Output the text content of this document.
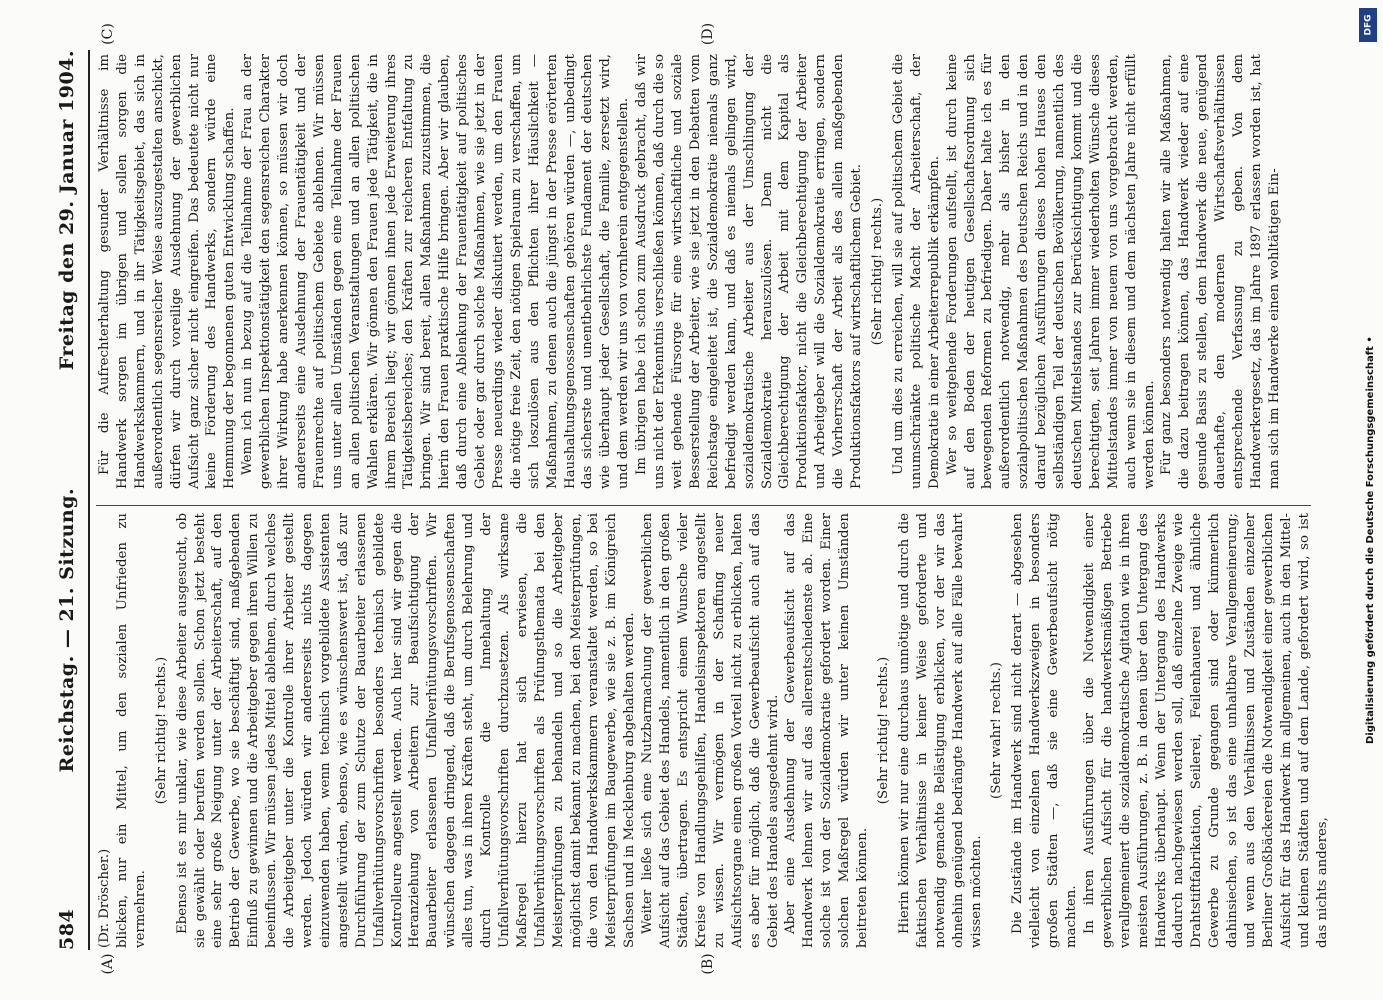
584
Reichstag. — 21. Sitzung.
Freitag den 29. Januar 1904.
(A)	(B)
(C)	(D)

(Dr. Dröscher.) blicken, nur ein Mittel, um den sozialen Unfrieden zu vermehren.

(Sehr richtig! rechts.) Ebenso ist es mir unklar, wie diese Arbeiter ausgesucht, ob sie gewählt oder berufen werden sollen. Schon jetzt besteht eine sehr große Neigung unter der Arbeiterschaft, auf den Betrieb der Gewerbe, wo sie beschäftigt sind, maßgebenden Einfluß zu gewinnen und die Arbeitgeber gegen ihren Willen zu beeinflussen. Wir müssen jedes Mittel ablehnen, durch welches die Arbeitgeber unter die Kontrolle ihrer Arbeiter gestellt werden. Jedoch würden wir andererseits nichts dagegen einzuwenden haben, wenn technisch vorgebildete Assistenten angestellt würden, ebenso, wie es wünschenswert ist, daß zur Durchführung der zum Schutze der Bauarbeiter erlassenen Unfallverhütungsvorschriften besonders technisch gebildete Kontrolleure angestellt werden. Auch hier sind wir gegen die Heranziehung von Arbeitern zur Beaufsichtigung der Bauarbeiter erlassenen Unfallverhütungsvorschriften. Wir wünschen dagegen dringend, daß die Berufsgenossenschaften alles tun, was in ihren Kräften steht, um durch Belehrung und durch Kontrolle die Innehaltung der Unfallverhütungsvorschriften durchzusetzen. Als wirksame Maßregel hierzu hat sich erwiesen, die Unfallverhütungsvorschriften als Prüfungsthemata bei den Meisterprüfungen zu behandeln und so die Arbeitgeber möglichst damit bekannt zu machen, bei den Meisterprüfungen, die von den Handwerkskammern veranstaltet werden, so bei Meisterprüfungen im Baugewerbe, wie sie z. B. im Königreich Sachsen und in Mecklenburg abgehalten werden. Weiter ließe sich eine Nutzbarmachung der gewerblichen Aufsicht auf das Gebiet des Handels, namentlich in den großen Städten, übertragen. Es entspricht einem Wunsche vieler Kreise von Handlungsgehilfen, Handelsinspektoren angestellt zu wissen. Wir vermögen in der Schaffung neuer Aufsichtsorgane einen großen Vorteil nicht zu erblicken, halten es aber für möglich, daß die Gewerbeaufsicht auch auf das Gebiet des Handels ausgedehnt wird. Aber eine Ausdehnung der Gewerbeaufsicht auf das Handwerk lehnen wir auf das allerentschiedenste ab. Eine solche ist von der Sozialdemokratie gefordert worden. Einer solchen Maßregel würden wir unter keinen Umständen beitreten können.

(Sehr richtig! rechts.) Hierin können wir nur eine durchaus unnötige und durch die faktischen Verhältnisse in keiner Weise geforderte und notwendig gemachte Belästigung erblicken, vor der wir das ohnehin genügend bedrängte Handwerk auf alle Fälle bewahrt wissen möchten.

(Sehr wahr! rechts.) Die Zustände im Handwerk sind nicht derart — abgesehen vielleicht von einzelnen Handwerkszweigen in besonders großen Städten —, daß sie eine Gewerbeaufsicht nötig machten. In ihren Ausführungen über die Notwendigkeit einer gewerblichen Aufsicht für die handwerksmäßigen Betriebe verallgemeinert die sozialdemokratische Agitation wie in ihren meisten Ausführungen, z. B. in denen über den Untergang des Handwerks überhaupt. Wenn der Untergang des Handwerks dadurch nachgewiesen werden soll, daß einzelne Zweige wie Drahtstiftfabrikation, Seilerei, Feilenhauerei und ähnliche Gewerbe zu Grunde gegangen sind oder kümmerlich dahinsiechen, so ist das eine unhaltbare Verallgemeinerung; und wenn aus den Verhältnissen und Zuständen einzelner Berliner Großbäckereien die Notwendigkeit einer gewerblichen Aufsicht für das Handwerk im allgemeinen, auch in den Mittel- und kleinen Städten und auf dem Lande, gefordert wird, so ist das nichts anderes,

Für die Aufrechterhaltung gesunder Verhältnisse im Handwerk sorgen im übrigen und sollen sorgen die Handwerkskammern, und in ihr Tätigkeitsgebiet, das sich in außerordentlich segensreicher Weise auszugestalten anschickt, dürfen wir durch voreilige Ausdehnung der gewerblichen Aufsicht ganz sicher nicht eingreifen. Das bedeutete nicht nur keine Förderung des Handwerks, sondern würde eine Hemmung der begonnenen guten Entwicklung schaffen. Wenn ich nun in bezug auf die Teilnahme der Frau an der gewerblichen Inspektionstätigkeit den segensreichen Charakter ihrer Wirkung habe anerkennen können, so müssen wir doch andererseits eine Ausdehnung der Frauentätigkeit und der Frauenrechte auf politischem Gebiete ablehnen. Wir müssen uns unter allen Umständen gegen eine Teilnahme der Frauen an allen politischen Veranstaltungen und an allen politischen Wahlen erklären. Wir gönnen den Frauen jede Tätigkeit, die in ihrem Bereich liegt; wir gönnen ihnen jede Erweiterung ihres Tätigkeitsbereiches; den Kräften zur reicheren Entfaltung zu bringen. Wir sind bereit, allen Maßnahmen zuzustimmen, die hierin den Frauen praktische Hilfe bringen. Aber wir glauben, daß durch eine Ablenkung der Frauentätigkeit auf politisches Gebiet oder gar durch solche Maßnahmen, wie sie jetzt in der Presse neuerdings wieder diskutiert werden, um den Frauen die nötige freie Zeit, den nötigen Spielraum zu verschaffen, um sich loszulösen aus den Pflichten ihrer Häuslichkeit — Maßnahmen, zu denen auch die jüngst in der Presse erörterten Haushaltungsgenossenschaften gehören würden —, unbedingt das sicherste und unentbehrlichste Fundament der deutschen wie überhaupt jeder Gesellschaft, die Familie, zersetzt wird, und dem werden wir uns von vornherein entgegenstellen. Im übrigen habe ich schon zum Ausdruck gebracht, daß wir uns nicht der Erkenntnis verschließen können, daß durch die so weit gehende Fürsorge für eine wirtschaftliche und soziale Besserstellung der Arbeiter, wie sie jetzt in den Debatten vom Reichstage eingeleitet ist, die Sozialdemokratie niemals ganz befriedigt werden kann, und daß es niemals gelingen wird, sozialdemokratische Arbeiter aus der Umschlingung der Sozialdemokratie herauszulösen. Denn nicht die Gleichberechtigung der Arbeit mit dem Kapital als Produktionsfaktor, nicht die Gleichberechtigung der Arbeiter und Arbeitgeber will die Sozialdemokratie erringen, sondern die Vorherrschaft der Arbeit als des allein maßgebenden Produktionsfaktors auf wirtschaftlichem Gebiet. (Sehr richtig! rechts.) Und um dies zu erreichen, will sie auf politischem Gebiet die unumschränkte politische Macht der Arbeiterschaft, der Demokratie in einer Arbeiterrepublik erkämpfen. Wer so weitgehende Forderungen aufstellt, ist durch keine auf den Boden der heutigen Gesellschaftsordnung sich bewegenden Reformen zu befriedigen. Daher halte ich es für außerordentlich notwendig, mehr als bisher in den sozialpolitischen Maßnahmen des Deutschen Reichs und in den darauf bezüglichen Ausführungen dieses hohen Hauses den selbständigen Teil der deutschen Bevölkerung, namentlich des deutschen Mittelstandes zur Berücksichtigung kommt und die berechtigten, seit Jahren immer wiederholten Wünsche dieses Mittelstandes immer von neuem von uns vorgebracht werden, auch wenn sie in diesem und dem nächsten Jahre nicht erfüllt werden können. Für ganz besonders notwendig halten wir alle Maßnahmen, die dazu beitragen können, das Handwerk wieder auf eine gesunde Basis zu stellen, dem Handwerk die neue, genügend dauerhafte, den modernen Wirtschaftsverhältnissen entsprechende Verfassung zu geben. Von dem Handwerkergesetz, das im Jahre 1897 erlassen worden ist, hat man sich im Handwerke einen wohltätigen Ein-

DFG
Digitalisierung gefördert durch die Deutsche Forschungsgemeinschaft •
